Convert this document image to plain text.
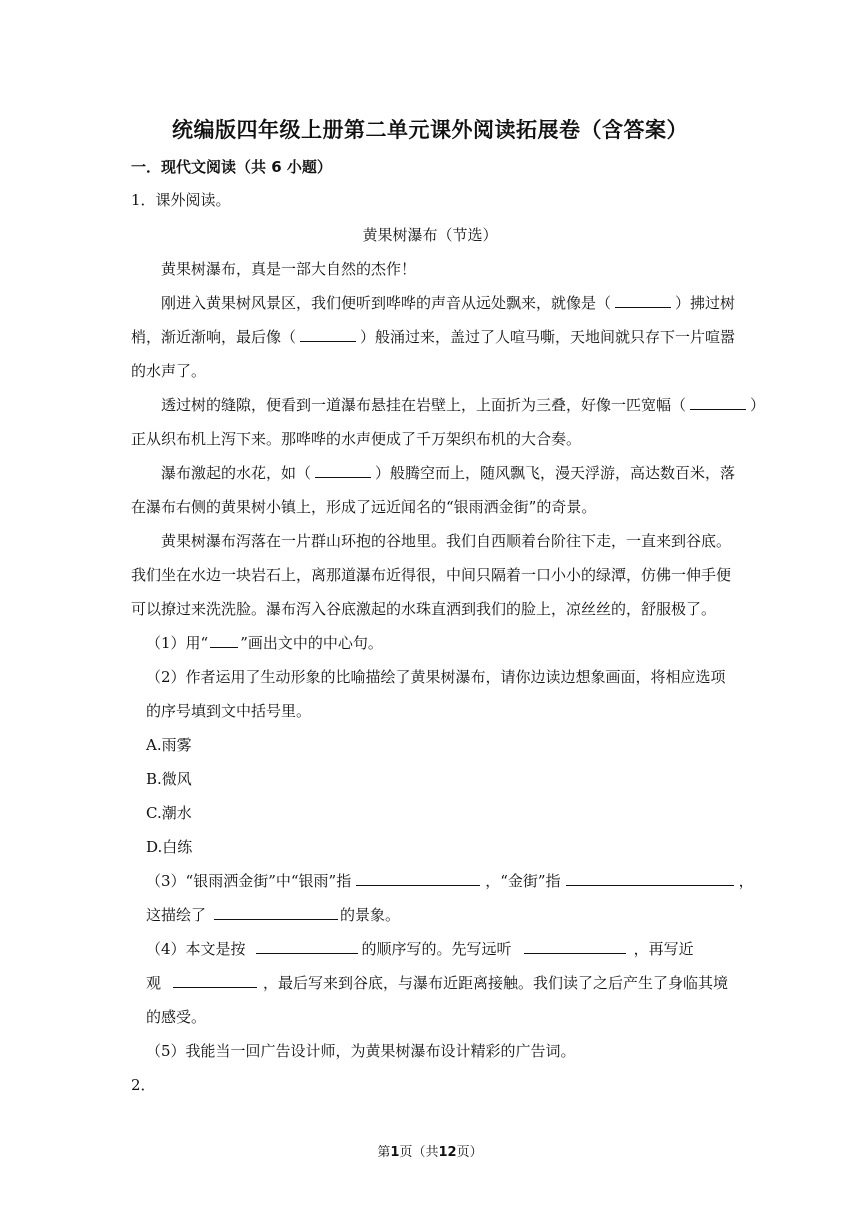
统编版四年级上册第二单元课外阅读拓展卷（含答案）
一．现代文阅读（共 6 小题）
1．课外阅读。
黄果树瀑布（节选）
黄果树瀑布，真是一部大自然的杰作！
刚进入黄果树风景区，我们便听到哗哗的声音从远处飘来，就像是（	）拂过树
梢，渐近渐响，最后像（	）般涌过来，盖过了人喧马嘶，天地间就只存下一片喧嚣
的水声了。
透过树的缝隙，便看到一道瀑布悬挂在岩壁上，上面折为三叠，好像一匹宽幅（	）
正从织布机上泻下来。那哗哗的水声便成了千万架织布机的大合奏。
瀑布激起的水花，如（	）般腾空而上，随风飘飞，漫天浮游，高达数百米，落
在瀑布右侧的黄果树小镇上，形成了远近闻名的“银雨洒金街”的奇景。
黄果树瀑布泻落在一片群山环抱的谷地里。我们自西顺着台阶往下走，一直来到谷底。
我们坐在水边一块岩石上，离那道瀑布近得很，中间只隔着一口小小的绿潭，仿佛一伸手便
可以撩过来洗洗脸。瀑布泻入谷底激起的水珠直洒到我们的脸上，凉丝丝的，舒服极了。
（1）用“ ”画出文中的中心句。
（2）作者运用了生动形象的比喻描绘了黄果树瀑布，请你边读边想象画面，将相应选项
的序号填到文中括号里。
A.雨雾
B.微风
C.潮水
D.白练
（3）“银雨洒金街”中“银雨”指	，“金街”指	，
这描绘了	的景象。
（4）本文是按	的顺序写的。先写远听	，再写近
观	，最后写来到谷底，与瀑布近距离接触。我们读了之后产生了身临其境
的感受。
（5）我能当一回广告设计师，为黄果树瀑布设计精彩的广告词。
2．
第1页（共12页）
